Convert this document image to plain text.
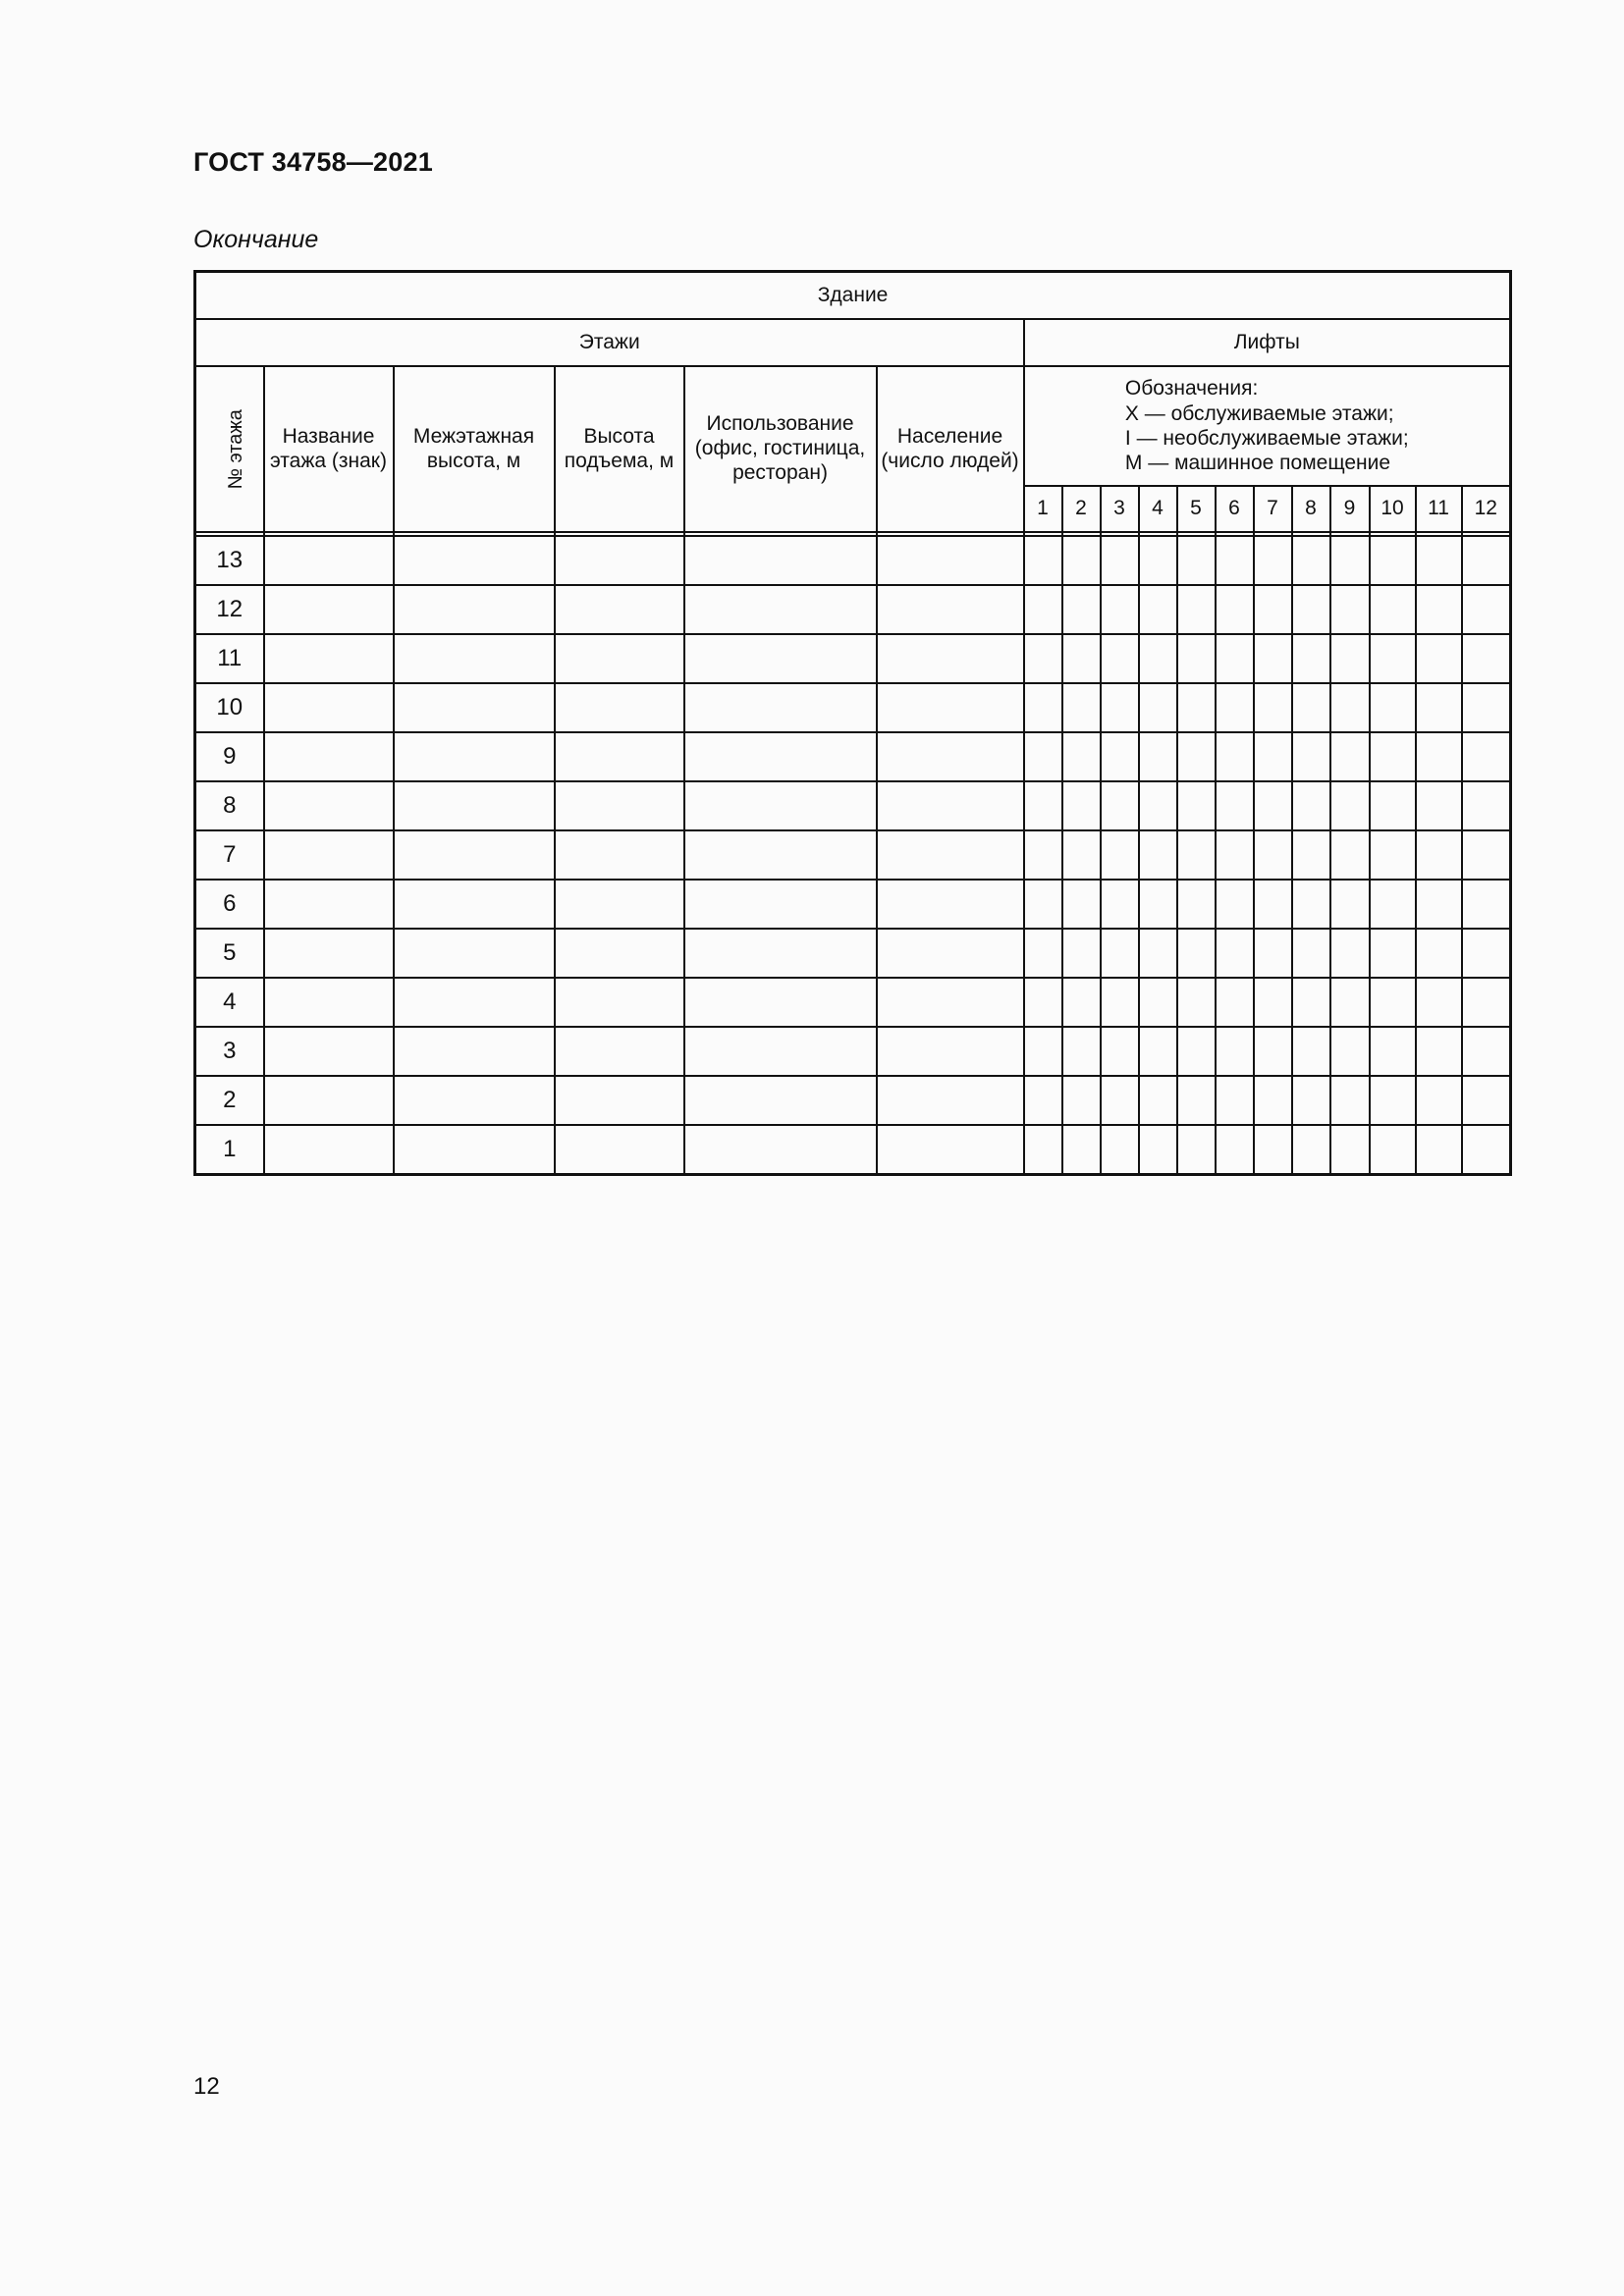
ГОСТ 34758—2021
Окончание
Здание																	
Этажи						Лифты											
№ этажа	Название этажа (знак)	Межэтажная высота, м	Высота подъема, м	Использование (офис, гостиница, ресторан)	Население (число людей)	Обозначения:
X — обслуживаемые этажи;
I — необслуживаемые этажи;
M — машинное помещение											

						1	2	3	4	5	6	7	8	9	10	11	12

13																	
12																	
11																	
10																	
9																	
8																	
7																	
6																	
5																	
4																	
3																	
2																	
1																	
12
